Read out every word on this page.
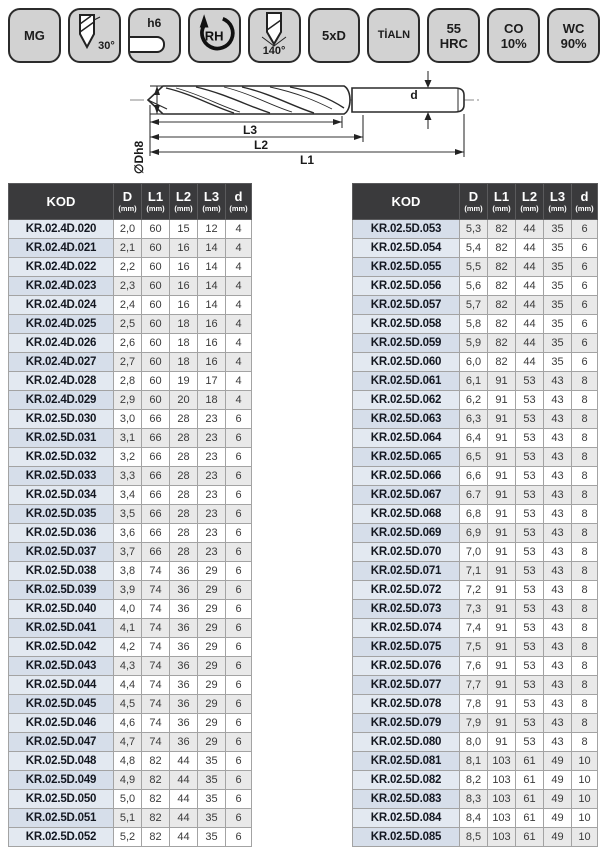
MG
30°
h6
RH
140°
5xD	TİALN	55
HRC
CO
10%
WC
90%
∅Dh8
d
L3
L2
L1
KOD	D
(mm)

L1
(mm)

L2
(mm)

L3
(mm)

d
(mm)

KR.02.4D.020	2,0	60	15	12	4
KR.02.4D.021	2,1	60	16	14	4
KR.02.4D.022	2,2	60	16	14	4
KR.02.4D.023	2,3	60	16	14	4
KR.02.4D.024	2,4	60	16	14	4
KR.02.4D.025	2,5	60	18	16	4
KR.02.4D.026	2,6	60	18	16	4
KR.02.4D.027	2,7	60	18	16	4
KR.02.4D.028	2,8	60	19	17	4
KR.02.4D.029	2,9	60	20	18	4
KR.02.5D.030	3,0	66	28	23	6
KR.02.5D.031	3,1	66	28	23	6
KR.02.5D.032	3,2	66	28	23	6
KR.02.5D.033	3,3	66	28	23	6
KR.02.5D.034	3,4	66	28	23	6
KR.02.5D.035	3,5	66	28	23	6
KR.02.5D.036	3,6	66	28	23	6
KR.02.5D.037	3,7	66	28	23	6
KR.02.5D.038	3,8	74	36	29	6
KR.02.5D.039	3,9	74	36	29	6
KR.02.5D.040	4,0	74	36	29	6
KR.02.5D.041	4,1	74	36	29	6
KR.02.5D.042	4,2	74	36	29	6
KR.02.5D.043	4,3	74	36	29	6
KR.02.5D.044	4,4	74	36	29	6
KR.02.5D.045	4,5	74	36	29	6
KR.02.5D.046	4,6	74	36	29	6
KR.02.5D.047	4,7	74	36	29	6
KR.02.5D.048	4,8	82	44	35	6
KR.02.5D.049	4,9	82	44	35	6
KR.02.5D.050	5,0	82	44	35	6
KR.02.5D.051	5,1	82	44	35	6
KR.02.5D.052	5,2	82	44	35	6
KOD	D
(mm)

L1
(mm)

L2
(mm)

L3
(mm)

d
(mm)

KR.02.5D.053	5,3	82	44	35	6
KR.02.5D.054	5,4	82	44	35	6
KR.02.5D.055	5,5	82	44	35	6
KR.02.5D.056	5,6	82	44	35	6
KR.02.5D.057	5,7	82	44	35	6
KR.02.5D.058	5,8	82	44	35	6
KR.02.5D.059	5,9	82	44	35	6
KR.02.5D.060	6,0	82	44	35	6
KR.02.5D.061	6,1	91	53	43	8
KR.02.5D.062	6,2	91	53	43	8
KR.02.5D.063	6,3	91	53	43	8
KR.02.5D.064	6,4	91	53	43	8
KR.02.5D.065	6,5	91	53	43	8
KR.02.5D.066	6,6	91	53	43	8
KR.02.5D.067	6.7	91	53	43	8
KR.02.5D.068	6,8	91	53	43	8
KR.02.5D.069	6,9	91	53	43	8
KR.02.5D.070	7,0	91	53	43	8
KR.02.5D.071	7,1	91	53	43	8
KR.02.5D.072	7,2	91	53	43	8
KR.02.5D.073	7,3	91	53	43	8
KR.02.5D.074	7,4	91	53	43	8
KR.02.5D.075	7,5	91	53	43	8
KR.02.5D.076	7,6	91	53	43	8
KR.02.5D.077	7,7	91	53	43	8
KR.02.5D.078	7,8	91	53	43	8
KR.02.5D.079	7,9	91	53	43	8
KR.02.5D.080	8,0	91	53	43	8
KR.02.5D.081	8,1	103	61	49	10
KR.02.5D.082	8,2	103	61	49	10
KR.02.5D.083	8,3	103	61	49	10
KR.02.5D.084	8,4	103	61	49	10
KR.02.5D.085	8,5	103	61	49	10
